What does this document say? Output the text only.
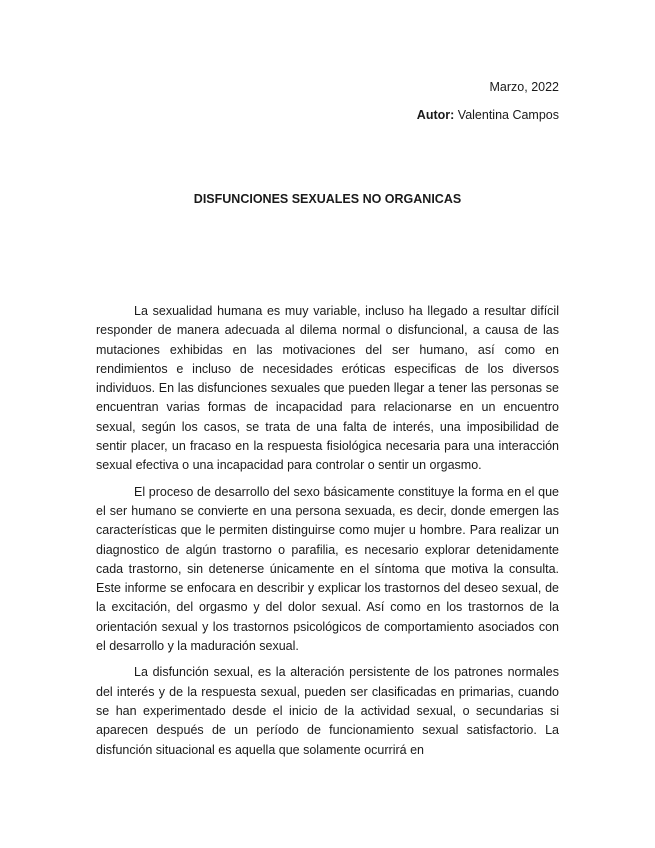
Marzo, 2022
Autor: Valentina Campos
DISFUNCIONES SEXUALES NO ORGANICAS

La sexualidad humana es muy variable, incluso ha llegado a resultar difícil responder de manera adecuada al dilema normal o disfuncional, a causa de las mutaciones exhibidas en las motivaciones del ser humano, así como en rendimientos e incluso de necesidades eróticas especificas de los diversos individuos. En las disfunciones sexuales que pueden llegar a tener las personas se encuentran varias formas de incapacidad para relacionarse en un encuentro sexual, según los casos, se trata de una falta de interés, una imposibilidad de sentir placer, un fracaso en la respuesta fisiológica necesaria para una interacción sexual efectiva o una incapacidad para controlar o sentir un orgasmo.

El proceso de desarrollo del sexo básicamente constituye la forma en el que el ser humano se convierte en una persona sexuada, es decir, donde emergen las características que le permiten distinguirse como mujer u hombre. Para realizar un diagnostico de algún trastorno o parafilia, es necesario explorar detenidamente cada trastorno, sin detenerse únicamente en el síntoma que motiva la consulta. Este informe se enfocara en describir y explicar los trastornos del deseo sexual, de la excitación, del orgasmo y del dolor sexual. Así como en los trastornos de la orientación sexual y los trastornos psicológicos de comportamiento asociados con el desarrollo y la maduración sexual.

La disfunción sexual, es la alteración persistente de los patrones normales del interés y de la respuesta sexual, pueden ser clasificadas en primarias, cuando se han experimentado desde el inicio de la actividad sexual, o secundarias si aparecen después de un período de funcionamiento sexual satisfactorio. La disfunción situacional es aquella que solamente ocurrirá en
